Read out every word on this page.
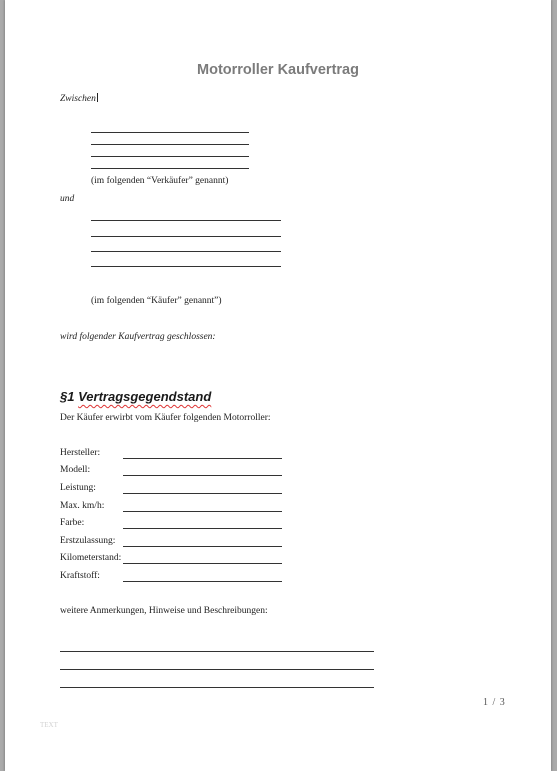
Motorroller Kaufvertrag
Zwischen
(im folgenden “Verkäufer” genannt)
und
(im folgenden “Käufer” genannt”)
wird folgender Kaufvertrag geschlossen:
§1 Vertragsgegendstand
Der Käufer erwirbt vom Käufer folgenden Motorroller:
Hersteller:
Modell:
Leistung:
Max. km/h:
Farbe:
Erstzulassung:
Kilometerstand:
Kraftstoff:
weitere Anmerkungen, Hinweise und Beschreibungen:
1 / 3
TEXT
